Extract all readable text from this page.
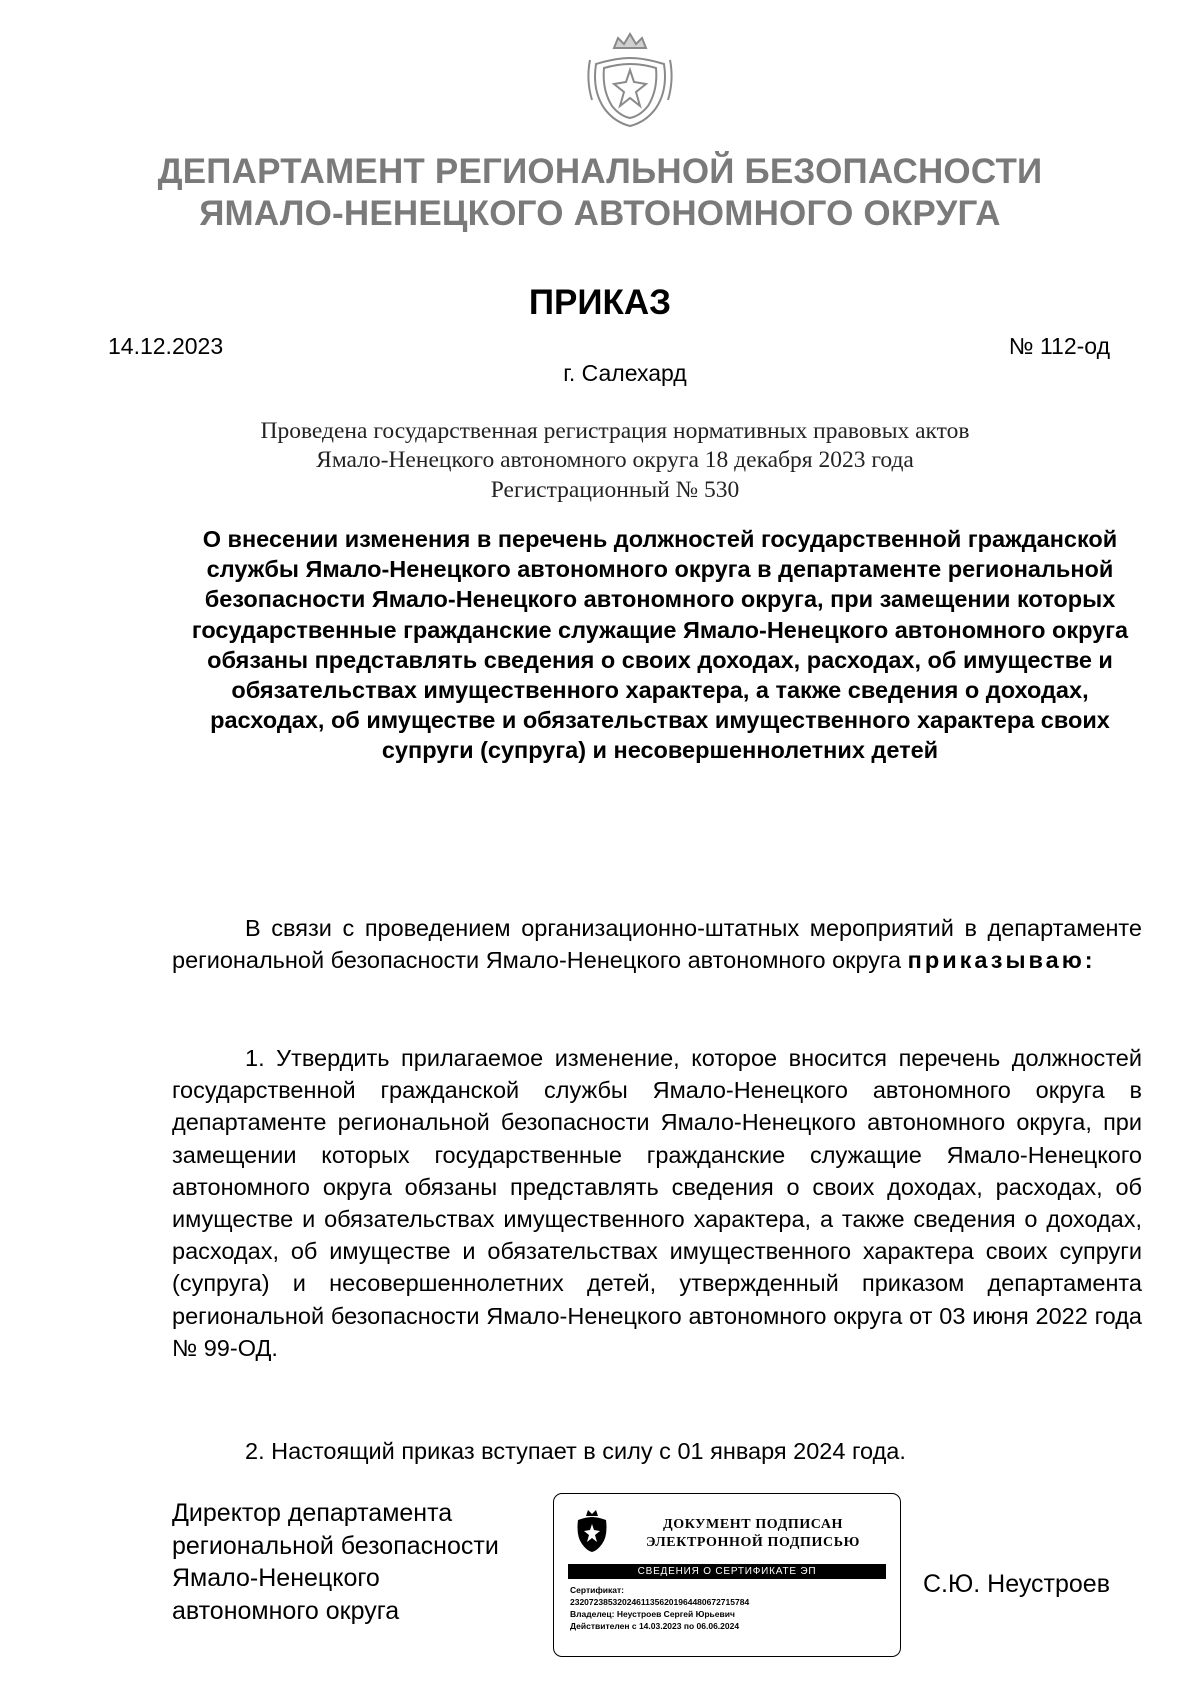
ДЕПАРТАМЕНТ РЕГИОНАЛЬНОЙ БЕЗОПАСНОСТИ
ЯМАЛО-НЕНЕЦКОГО АВТОНОМНОГО ОКРУГА
ПРИКАЗ
14.12.2023	№ 112-од
г. Салехард
Проведена государственная регистрация нормативных правовых актов
Ямало-Ненецкого автономного округа 18 декабря 2023 года
Регистрационный № 530
О внесении изменения в перечень должностей государственной гражданской службы Ямало-Ненецкого автономного округа в департаменте региональной безопасности Ямало-Ненецкого автономного округа, при замещении которых государственные гражданские служащие Ямало-Ненецкого автономного округа обязаны представлять сведения о своих доходах, расходах, об имуществе и обязательствах имущественного характера, а также сведения о доходах, расходах, об имуществе и обязательствах имущественного характера своих супруги (супруга) и несовершеннолетних детей
В связи с проведением организационно-штатных мероприятий в департаменте региональной безопасности Ямало-Ненецкого автономного округа приказываю:
1. Утвердить прилагаемое изменение, которое вносится перечень должностей государственной гражданской службы Ямало-Ненецкого автономного округа в департаменте региональной безопасности Ямало-Ненецкого автономного округа, при замещении которых государственные гражданские служащие Ямало-Ненецкого автономного округа обязаны представлять сведения о своих доходах, расходах, об имуществе и обязательствах имущественного характера, а также сведения о доходах, расходах, об имуществе и обязательствах имущественного характера своих супруги (супруга) и несовершеннолетних детей, утвержденный приказом департамента региональной безопасности Ямало-Ненецкого автономного округа от 03 июня 2022 года № 99-ОД.
2. Настоящий приказ вступает в силу с 01 января 2024 года.
Директор департамента
региональной безопасности
Ямало-Ненецкого
автономного округа
ДОКУМЕНТ ПОДПИСАН
ЭЛЕКТРОННОЙ ПОДПИСЬЮ
СВЕДЕНИЯ О СЕРТИФИКАТЕ ЭП
Сертификат:
23207238532024611356201964480672715784
Владелец: Неустроев Сергей Юрьевич
Действителен с 14.03.2023 по 06.06.2024
С.Ю. Неустроев
